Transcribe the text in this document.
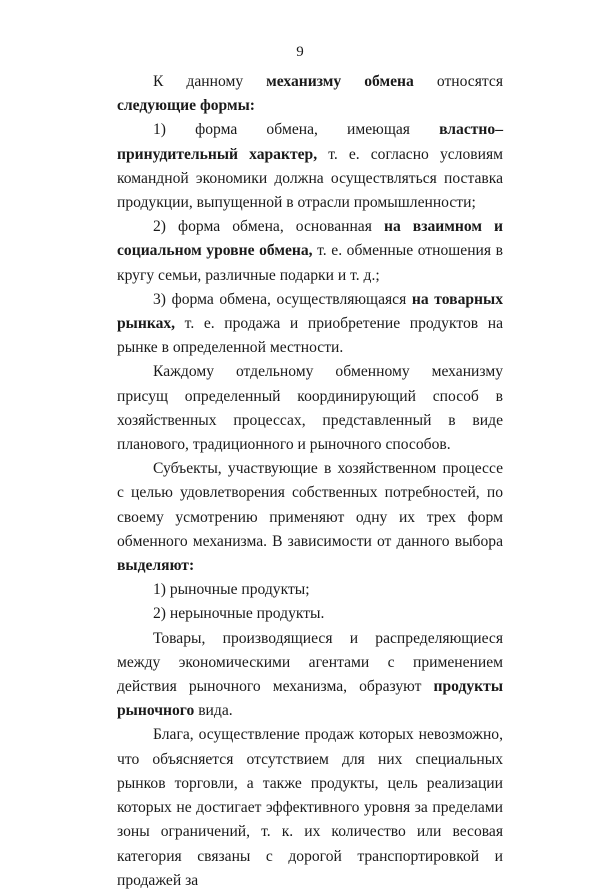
9

К данному механизму обмена относятся следующие формы:

1) форма обмена, имеющая властно–принудительный характер, т. е. согласно условиям командной экономики должна осуществляться поставка продукции, выпущенной в отрасли промышленности;

2) форма обмена, основанная на взаимном и социальном уровне обмена, т. е. обменные отношения в кругу семьи, различные подарки и т. д.;

3) форма обмена, осуществляющаяся на товарных рынках, т. е. продажа и приобретение продуктов на рынке в определенной местности.

Каждому отдельному обменному механизму присущ определенный координирующий способ в хозяйственных процессах, представленный в виде планового, традиционного и рыночного способов.

Субъекты, участвующие в хозяйственном процессе с целью удовлетворения собственных потребностей, по своему усмотрению применяют одну их трех форм обменного механизма. В зависимости от данного выбора выделяют:

1) рыночные продукты;

2) нерыночные продукты.

Товары, производящиеся и распределяющиеся между экономическими агентами с применением действия рыночного механизма, образуют продукты рыночного вида.

Блага, осуществление продаж которых невозможно, что объясняется отсутствием для них специальных рынков торговли, а также продукты, цель реализации которых не достигает эффективного уровня за пределами зоны ограничений, т. к. их количество или весовая категория связаны с дорогой транспортировкой и продажей за
